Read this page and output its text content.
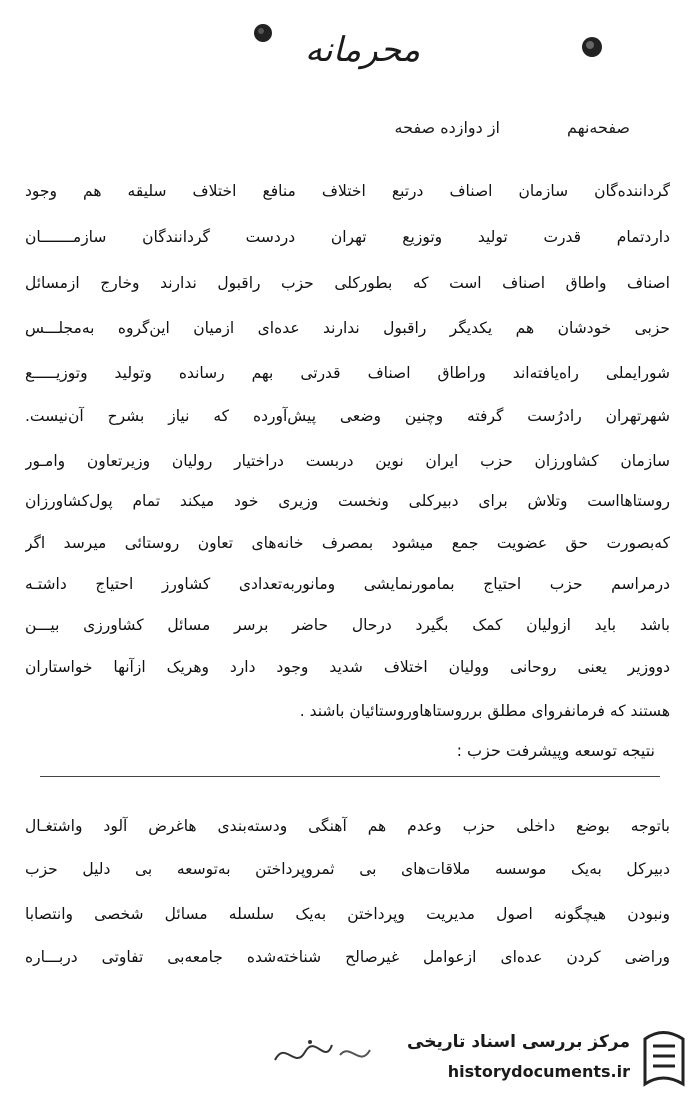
محرمانه
صفحه‌نهم
از دوازده صفحه
گرداننده‌گان سازمان اصناف درتبع اختلاف منافع اختلاف سلیقه هم وجود
دارد‌تمام قدرت تولید وتوزیع تهران دردست گردانندگان سازمـــــــان
اصناف واطاق اصناف است که بطورکلی حزب راقبول ندارند وخارج ازمسائل
حزبی خودشان هم یکدیگر راقبول ندارند عده‌ای ازمیان این‌گروه به‌مجلـــس
شورایملی راه‌یافته‌اند وراطاق اصناف قدرتی بهم رسانده وتولید وتوزیـــــع
شهرتهران رادرُست گرفته وچنین وضعی پیش‌آورده که نیاز بشرح آن‌نیست.
سازمان کشاورزان حزب ایران نوین دربست دراختیار رولیان وزیرتعاون وامـور
روستاهااست وتلاش برای دبیرکلی ونخست وزیری خود میکند تمام پول‌کشاورزان
که‌بصورت حق عضویت جمع میشود بمصرف خانه‌های تعاون روستائی میرسد اگر
درمراسم حزب احتیاج بمامورنمایشی ومانوربه‌تعدادی کشاورز احتیاج داشتـه
باشد باید ازولیان کمک بگیرد درحال حاضر برسر مسائل کشاورزی بیـــن
دووزیر یعنی روحانی وولیان اختلاف شدید وجود دارد وهریک ازآنها خواستاران
هستند که فرمانفروای مطلق برروستاهاوروستائیان باشند .
نتیجه توسعه وپیشرفت حزب :
باتوجه بوضع داخلی حزب وعدم هم آهنگی ودسته‌بندی هاغرض آلود واشتغـال
دبیرکل به‌یک موسسه ملاقات‌های بی ثمروپرداختن به‌توسعه بی دلیل حزب
ونبودن هیچگونه اصول مدیریت وپرداختن به‌یک سلسله مسائل شخصی وانتصابا
وراضی کردن عده‌ای ازعوامل غیرصالح شناخته‌شده جامعه‌بی تفاوتی دربـــاره
مرکز بررسی اسناد تاریخی
historydocuments.ir
